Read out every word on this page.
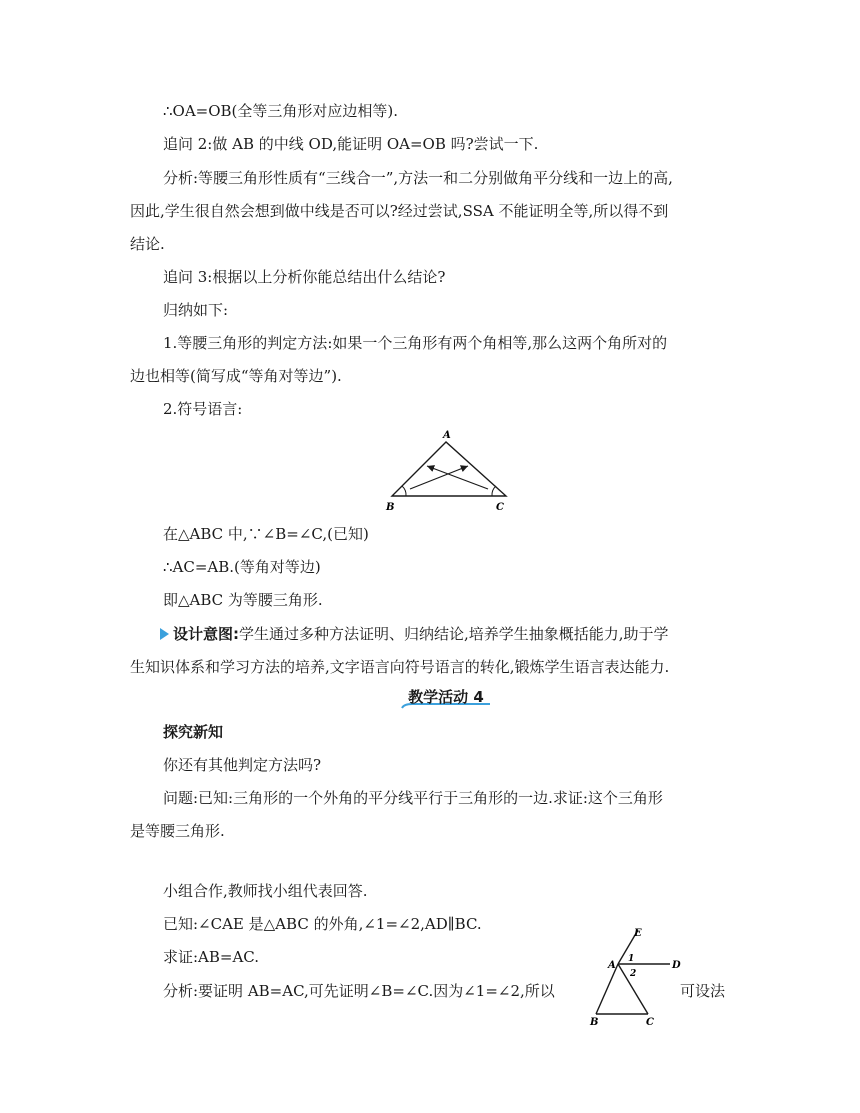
∴OA=OB(全等三角形对应边相等).
追问 2:做 AB 的中线 OD,能证明 OA=OB 吗?尝试一下.
分析:等腰三角形性质有“三线合一”,方法一和二分别做角平分线和一边上的高,
因此,学生很自然会想到做中线是否可以?经过尝试,SSA 不能证明全等,所以得不到
结论.
追问 3:根据以上分析你能总结出什么结论?
归纳如下:
1.等腰三角形的判定方法:如果一个三角形有两个角相等,那么这两个角所对的
边也相等(简写成“等角对等边”).
2.符号语言:
A
B	C
在△ABC 中,∵∠B=∠C,(已知)
∴AC=AB.(等角对等边)
即△ABC 为等腰三角形.
设计意图:学生通过多种方法证明、归纳结论,培养学生抽象概括能力,助于学
生知识体系和学习方法的培养,文字语言向符号语言的转化,锻炼学生语言表达能力.
教学活动 4
探究新知
你还有其他判定方法吗?
问题:已知:三角形的一个外角的平分线平行于三角形的一边.求证:这个三角形
是等腰三角形.
小组合作,教师找小组代表回答.
已知:∠CAE 是△ABC 的外角,∠1=∠2,AD∥BC.
求证:AB=AC.
分析:要证明 AB=AC,可先证明∠B=∠C.因为∠1=∠2,所以	可设法
E
A
1
2
D
B	C
